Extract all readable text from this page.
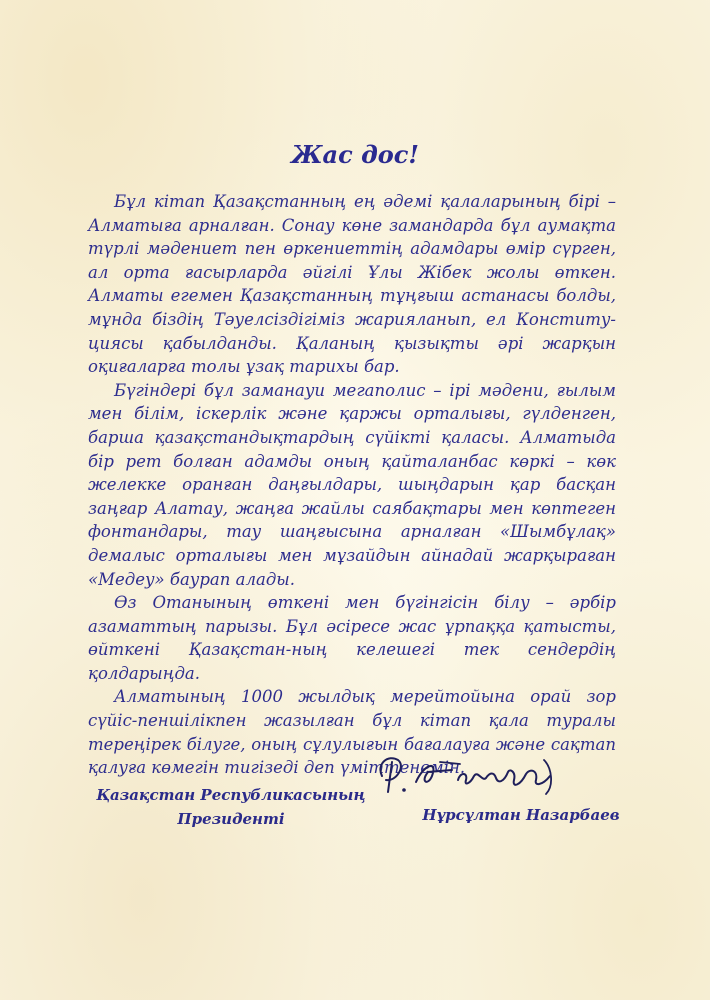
Жас дос!

Бұл кітап Қазақстанның ең әдемі қалаларының бірі – Алматыға арналған. Сонау көне замандарда бұл аумақта түрлі мәдениет пен өркениеттің адамдары өмір сүрген, ал орта ғасырларда әйгілі Ұлы Жібек жолы өткен. Алматы егемен Қазақстанның тұңғыш астанасы болды, мұнда біздің Тәуелсіздігіміз жарияланып, ел Конститу-циясы қабылданды. Қаланың қызықты әрі жарқын оқиғаларға толы ұзақ тарихы бар.

Бүгіндері бұл заманауи мегаполис – ірі мәдени, ғылым мен білім, іскерлік және қаржы орталығы, гүлденген, барша қазақстандықтардың сүйікті қаласы. Алматыда бір рет болған адамды оның қайталанбас көркі – көк желекке оранған даңғылдары, шыңдарын қар басқан заңғар Алатау, жаңға жайлы саябақтары мен көптеген фонтандары, тау шаңғысына арналған «Шымбұлақ» демалыс орталығы мен мұзайдын айнадай жарқыраған «Медеу» баурап алады.

Өз Отанының өткені мен бүгінгісін білу – әрбір азаматтың парызы. Бұл әсіресе жас ұрпаққа қатысты, өйткені Қазақстан-ның келешегі тек сендердің қолдарыңда.

Алматының 1000 жылдық мерейтойына орай зор сүйіс-пеншілікпен жазылған бұл кітап қала туралы тереңірек білуге, оның сұлулығын бағалауға және сақтап қалуға көмегін тигізеді деп үміттенемін.

Қазақстан Республикасының
Президенті	Нұрсұлтан Назарбаев
